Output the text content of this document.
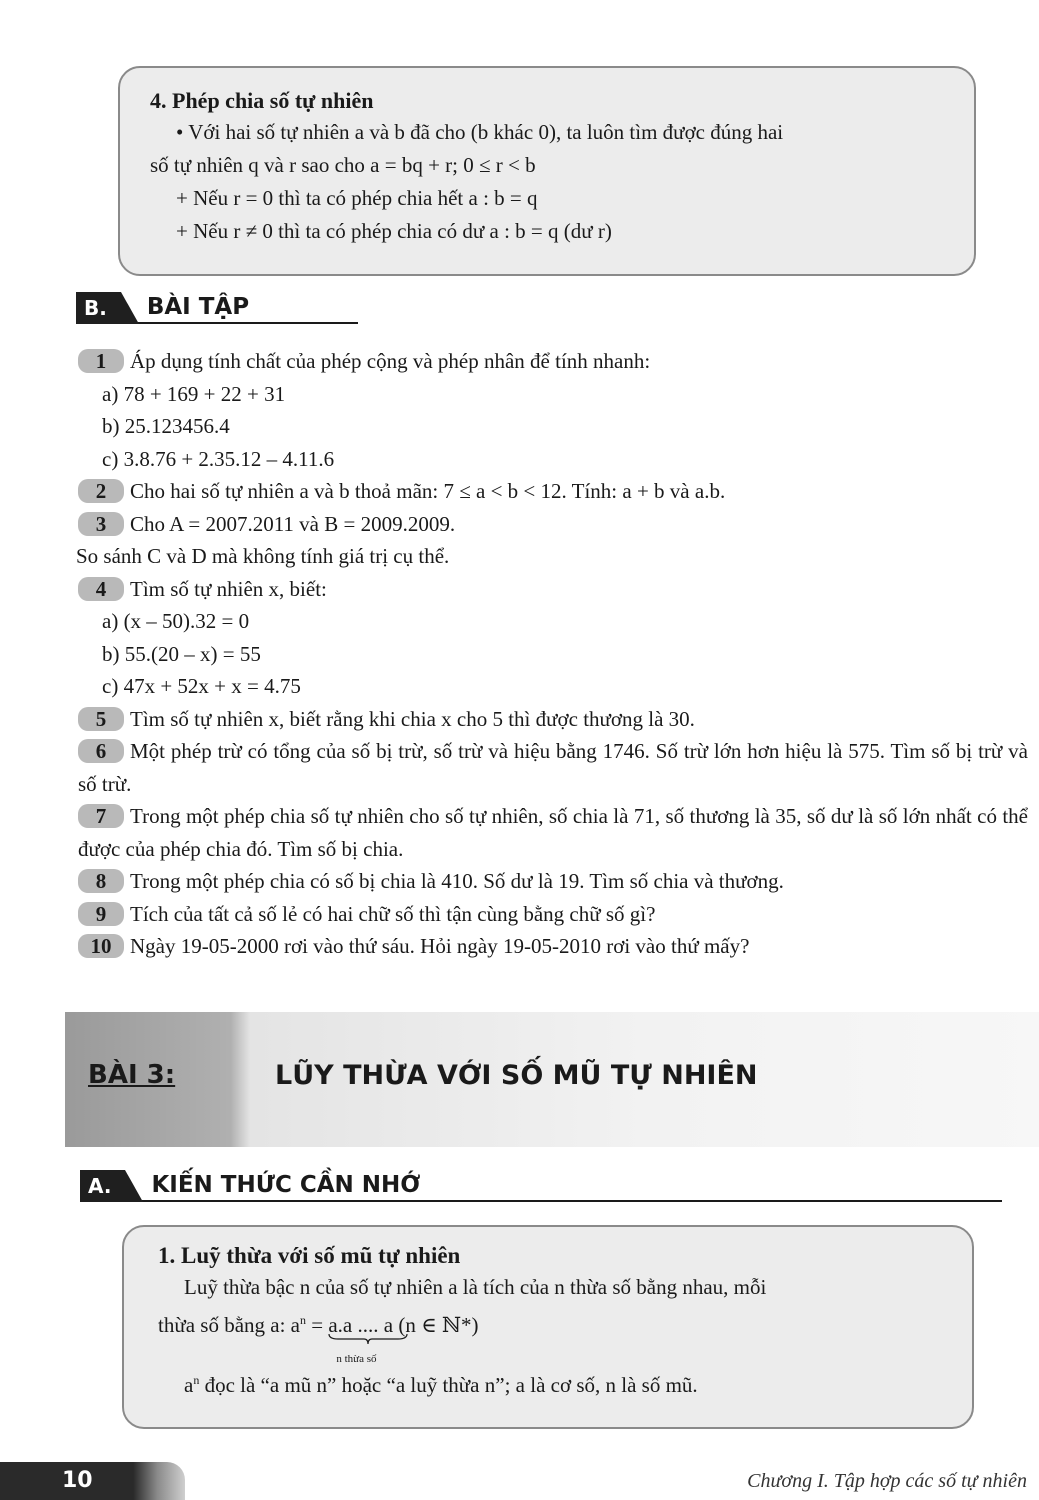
4. Phép chia số tự nhiên

• Với hai số tự nhiên a và b đã cho (b khác 0), ta luôn tìm được đúng hai

số tự nhiên q và r sao cho a = bq + r; 0 ≤ r < b

+ Nếu r = 0 thì ta có phép chia hết a : b = q

+ Nếu r ≠ 0 thì ta có phép chia có dư a : b = q (dư r)

B.	BÀI TẬP
1 Áp dụng tính chất của phép cộng và phép nhân để tính nhanh:
a) 78 + 169 + 22 + 31
b) 25.123456.4
c) 3.8.76 + 2.35.12 – 4.11.6
2 Cho hai số tự nhiên a và b thoả mãn: 7 ≤ a < b < 12. Tính: a + b và a.b.
3 Cho A = 2007.2011 và B = 2009.2009.
So sánh C và D mà không tính giá trị cụ thể.
4 Tìm số tự nhiên x, biết:
a) (x – 50).32 = 0
b) 55.(20 – x) = 55
c) 47x + 52x + x = 4.75
5 Tìm số tự nhiên x, biết rằng khi chia x cho 5 thì được thương là 30.
6 Một phép trừ có tổng của số bị trừ, số trừ và hiệu bằng 1746. Số trừ lớn hơn hiệu là 575. Tìm số bị trừ và số trừ.
7 Trong một phép chia số tự nhiên cho số tự nhiên, số chia là 71, số thương là 35, số dư là số lớn nhất có thể được của phép chia đó. Tìm số bị chia.
8 Trong một phép chia có số bị chia là 410. Số dư là 19. Tìm số chia và thương.
9 Tích của tất cả số lẻ có hai chữ số thì tận cùng bằng chữ số gì?
10 Ngày 19-05-2000 rơi vào thứ sáu. Hỏi ngày 19-05-2010 rơi vào thứ mấy?
BÀI 3:	LŨY THỪA VỚI SỐ MŨ TỰ NHIÊN
A.	KIẾN THỨC CẦN NHỚ
1. Luỹ thừa với số mũ tự nhiên

Luỹ thừa bậc n của số tự nhiên a là tích của n thừa số bằng nhau, mỗi

thừa số bằng a: $a^n = a.a$ .... a
n thừa số
(n ∈ ℕ*)

$a^n$ đọc là “a mũ n” hoặc “a luỹ thừa n”; a là cơ số, n là số mũ.

10	Chương I. Tập hợp các số tự nhiên
